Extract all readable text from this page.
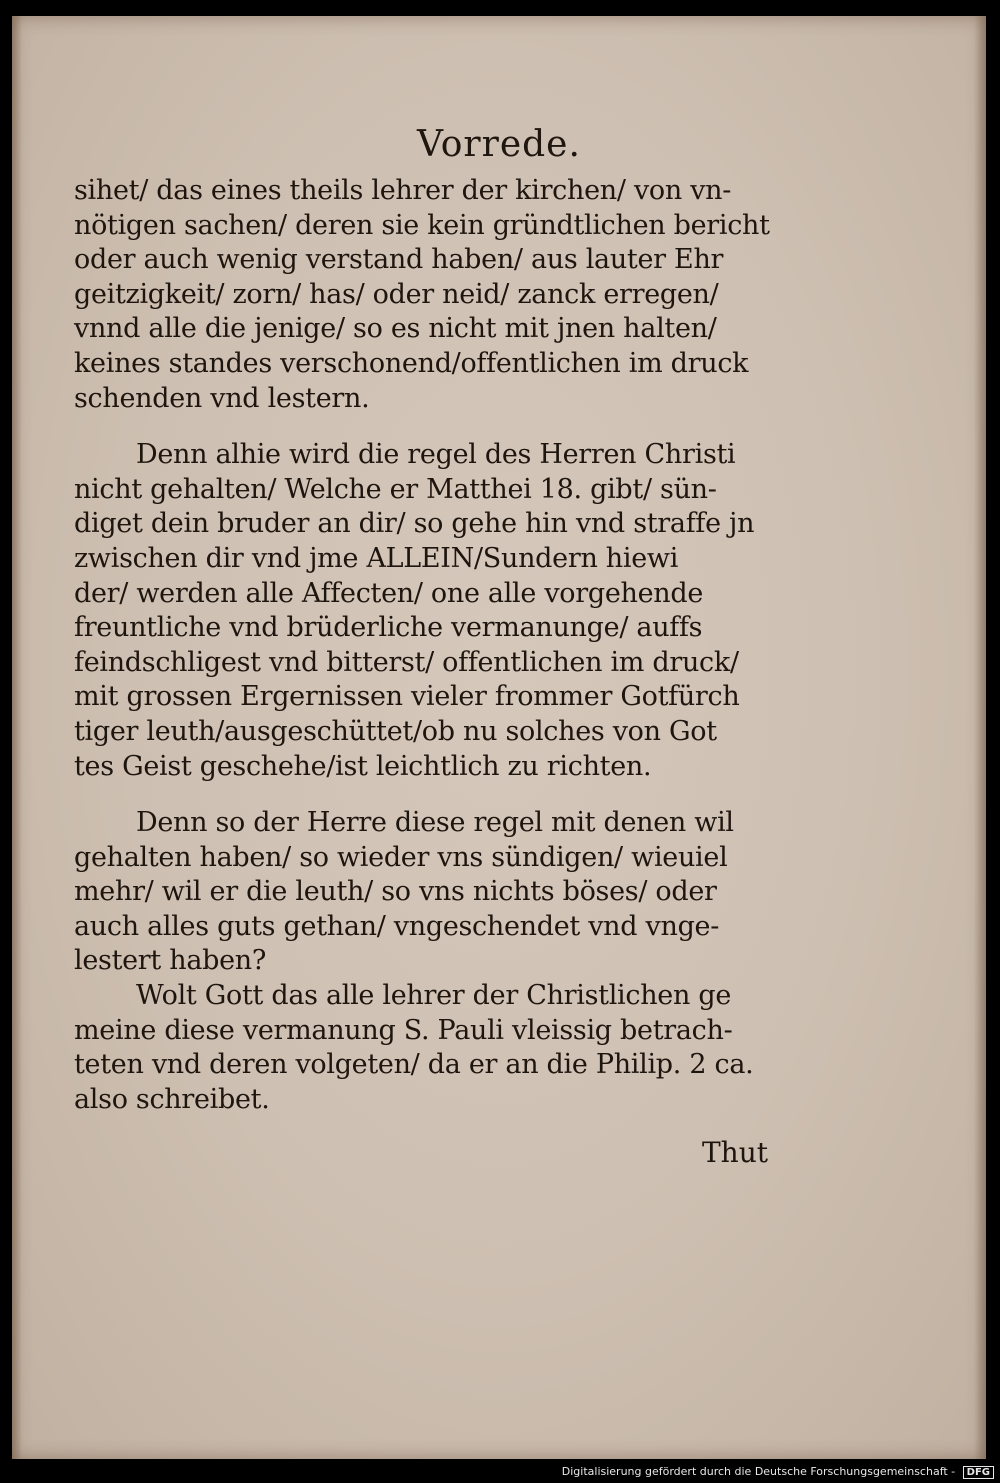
Vorrede.
sihet/ das eines theils lehrer der kirchen/ von vn-
nötigen sachen/ deren sie kein gründtlichen bericht
oder auch wenig verstand haben/ aus lauter Ehr
geitzigkeit/ zorn/ has/ oder neid/ zanck erregen/
vnnd alle die jenige/ so es nicht mit jnen halten/
keines standes verschonend/offentlichen im druck
schenden vnd lestern.
Denn alhie wird die regel des Herren Christi
nicht gehalten/ Welche er Matthei 18. gibt/ sün-
diget dein bruder an dir/ so gehe hin vnd straffe jn
zwischen dir vnd jme ALLEIN/Sundern hiewi
der/ werden alle Affecten/ one alle vorgehende
freuntliche vnd brüderliche vermanunge/ auffs
feindschligest vnd bitterst/ offentlichen im druck/
mit grossen Ergernissen vieler frommer Gotfürch
tiger leuth/ausgeschüttet/ob nu solches von Got
tes Geist geschehe/ist leichtlich zu richten.
Denn so der Herre diese regel mit denen wil
gehalten haben/ so wieder vns sündigen/ wieuiel
mehr/ wil er die leuth/ so vns nichts böses/ oder
auch alles guts gethan/ vngeschendet vnd vnge-
lestert haben?
Wolt Gott das alle lehrer der Christlichen ge
meine diese vermanung S. Pauli vleissig betrach-
teten vnd deren volgeten/ da er an die Philip. 2 ca.
also schreibet.
Thut
Digitalisierung gefördert durch die Deutsche Forschungsgemeinschaft - DFG
